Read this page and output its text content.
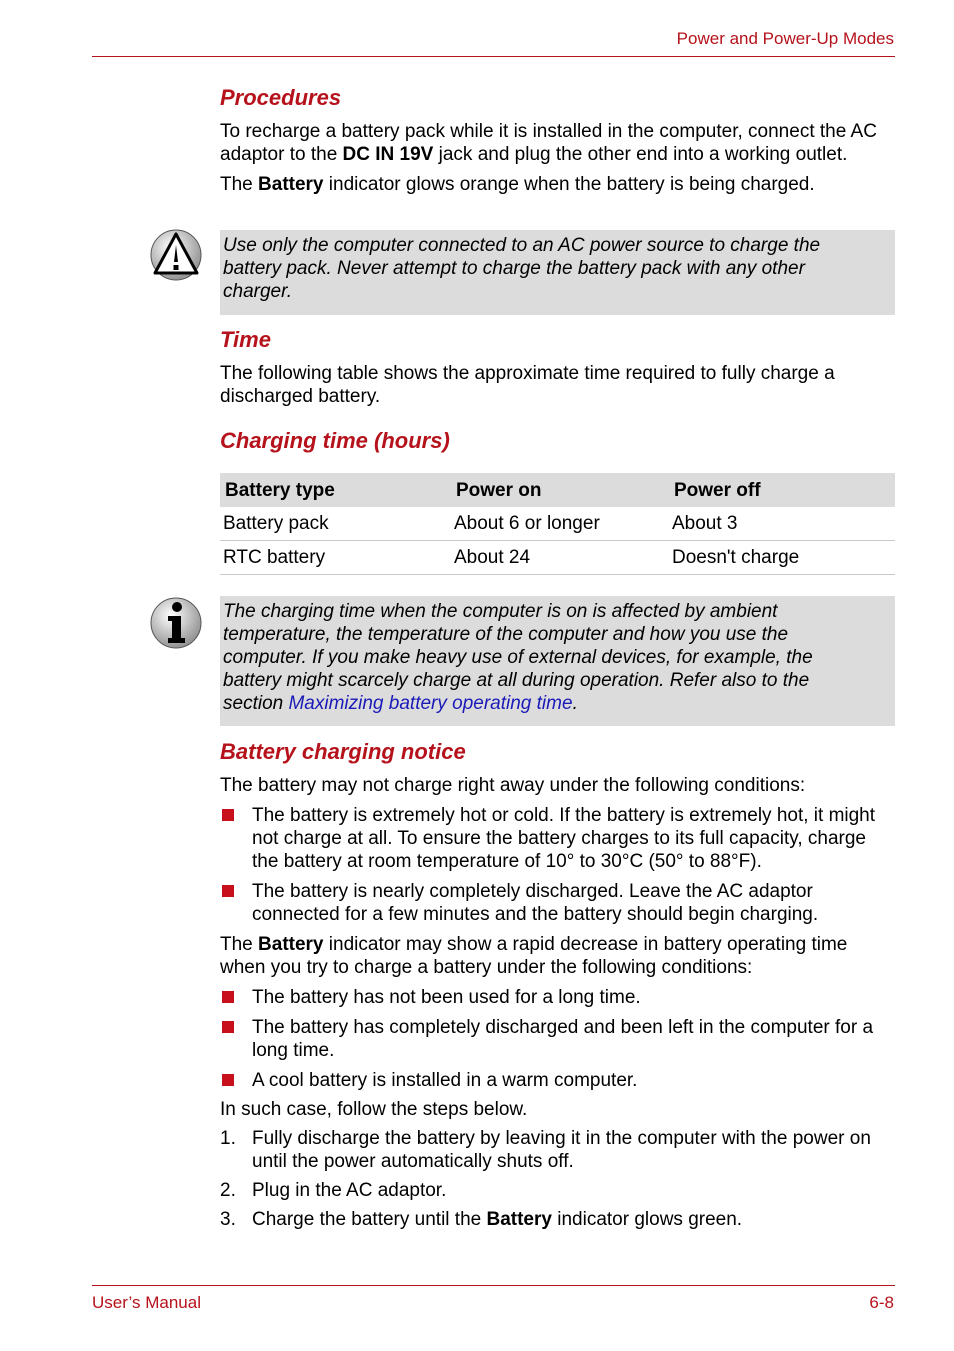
Power and Power-Up Modes
Procedures

To recharge a battery pack while it is installed in the computer, connect the AC adaptor to the DC IN 19V jack and plug the other end into a working outlet.

The Battery indicator glows orange when the battery is being charged.

Use only the computer connected to an AC power source to charge the battery pack. Never attempt to charge the battery pack with any other charger.

Time

The following table shows the approximate time required to fully charge a discharged battery.

Charging time (hours)
Battery type	Power on	Power off
Battery pack	About 6 or longer	About 3
RTC battery	About 24	Doesn't charge

The charging time when the computer is on is affected by ambient temperature, the temperature of the computer and how you use the computer. If you make heavy use of external devices, for example, the battery might scarcely charge at all during operation. Refer also to the section Maximizing battery operating time.

Battery charging notice

The battery may not charge right away under the following conditions:

The battery is extremely hot or cold. If the battery is extremely hot, it might not charge at all. To ensure the battery charges to its full capacity, charge the battery at room temperature of 10° to 30°C (50° to 88°F).
The battery is nearly completely discharged. Leave the AC adaptor connected for a few minutes and the battery should begin charging.

The Battery indicator may show a rapid decrease in battery operating time when you try to charge a battery under the following conditions:

The battery has not been used for a long time.
The battery has completely discharged and been left in the computer for a long time.
A cool battery is installed in a warm computer.

In such case, follow the steps below.

1. Fully discharge the battery by leaving it in the computer with the power on until the power automatically shuts off.
2. Plug in the AC adaptor.
3. Charge the battery until the Battery indicator glows green.
User’s Manual	6-8
